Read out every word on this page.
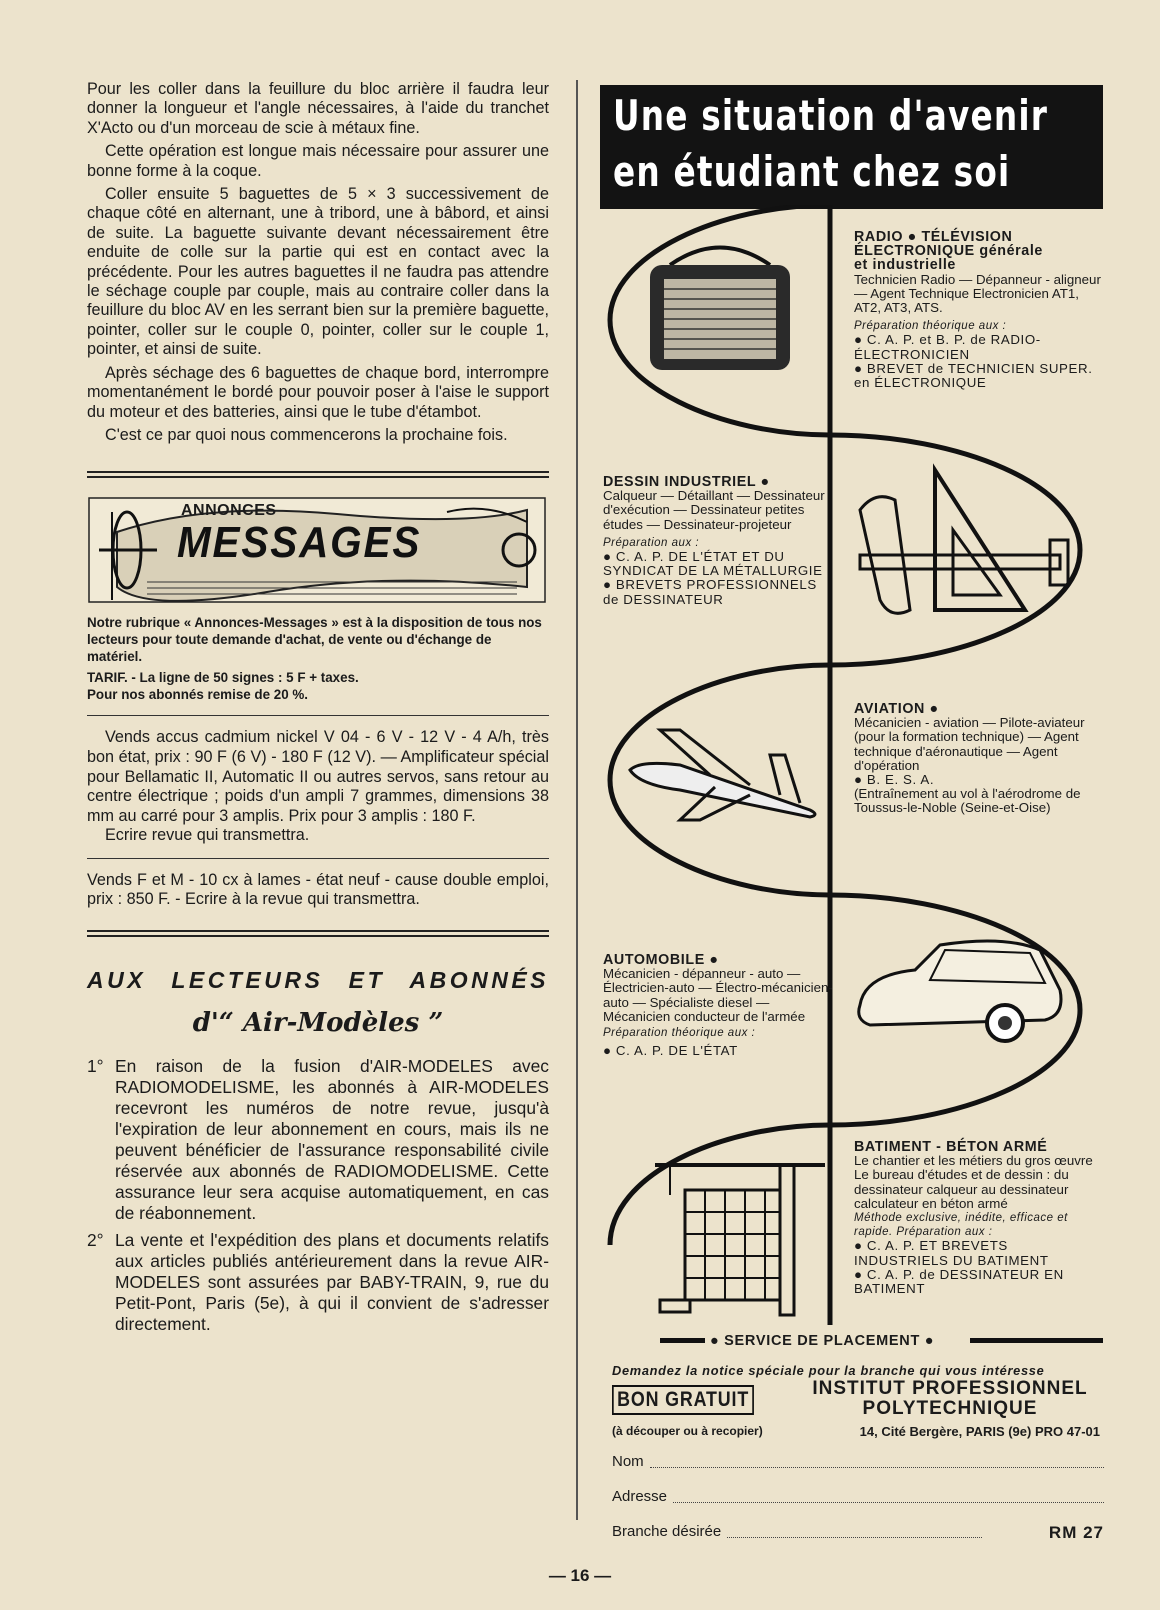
Pour les coller dans la feuillure du bloc arrière il faudra leur donner la longueur et l'angle nécessaires, à l'aide du tranchet X'Acto ou d'un morceau de scie à métaux fine.

Cette opération est longue mais nécessaire pour assurer une bonne forme à la coque.

Coller ensuite 5 baguettes de 5 × 3 successivement de chaque côté en alternant, une à tribord, une à bâbord, et ainsi de suite. La baguette suivante devant nécessairement être enduite de colle sur la partie qui est en contact avec la précédente. Pour les autres baguettes il ne faudra pas attendre le séchage couple par couple, mais au contraire coller dans la feuillure du bloc AV en les serrant bien sur la première baguette, pointer, coller sur le couple 0, pointer, coller sur le couple 1, pointer, et ainsi de suite.

Après séchage des 6 baguettes de chaque bord, interrompre momentanément le bordé pour pouvoir poser à l'aise le support du moteur et des batteries, ainsi que le tube d'étambot.

C'est ce par quoi nous commencerons la prochaine fois.

ANNONCES
MESSAGES

Notre rubrique « Annonces-Messages » est à la disposition de tous nos lecteurs pour toute demande d'achat, de vente ou d'échange de matériel.

TARIF. - La ligne de 50 signes : 5 F + taxes.

Pour nos abonnés remise de 20 %.

Vends accus cadmium nickel V 04 - 6 V - 12 V - 4 A/h, très bon état, prix : 90 F (6 V) - 180 F (12 V). — Amplificateur spécial pour Bellamatic II, Automatic II ou autres servos, sans retour au centre électrique ; poids d'un ampli 7 grammes, dimensions 38 mm au carré pour 3 amplis. Prix pour 3 amplis : 180 F.

Ecrire revue qui transmettra.

Vends F et M - 10 cx à lames - état neuf - cause double emploi, prix : 850 F. - Ecrire à la revue qui transmettra.

AUX LECTEURS ET ABONNÉS
d'“ Air-Modèles ”
1° En raison de la fusion d'AIR-MODELES avec RADIOMODELISME, les abonnés à AIR-MODELES recevront les numéros de notre revue, jusqu'à l'expiration de leur abonnement en cours, mais ils ne peuvent bénéficier de l'assurance responsabilité civile réservée aux abonnés de RADIOMODELISME. Cette assurance leur sera acquise automatiquement, en cas de réabonnement.
2° La vente et l'expédition des plans et documents relatifs aux articles publiés antérieurement dans la revue AIR-MODELES sont assurées par BABY-TRAIN, 9, rue du Petit-Pont, Paris (5e), à qui il convient de s'adresser directement.
Une situation d'avenir
en étudiant chez soi
RADIO ● TÉLÉVISION
ÉLECTRONIQUE générale
et industrielle
Technicien Radio — Dépanneur - aligneur — Agent Technique Electronicien AT1, AT2, AT3, ATS.
Préparation théorique aux :
● C. A. P. et B. P. de RADIO-ÉLECTRONICIEN
● BREVET de TECHNICIEN SUPER. en ÉLECTRONIQUE
DESSIN INDUSTRIEL ●
Calqueur — Détaillant — Dessinateur d'exécution — Dessinateur petites études — Dessinateur-projeteur
Préparation aux :
● C. A. P. DE L'ÉTAT ET DU SYNDICAT DE LA MÉTALLURGIE
● BREVETS PROFESSIONNELS de DESSINATEUR
AVIATION ●
Mécanicien - aviation — Pilote-aviateur (pour la formation technique) — Agent technique d'aéronautique — Agent d'opération
● B. E. S. A.
(Entraînement au vol à l'aérodrome de Toussus-le-Noble (Seine-et-Oise)
AUTOMOBILE ●
Mécanicien - dépanneur - auto — Électricien-auto — Électro-mécanicien-auto — Spécialiste diesel — Mécanicien conducteur de l'armée
Préparation théorique aux :
● C. A. P. DE L'ÉTAT
BATIMENT - BÉTON ARMÉ
Le chantier et les métiers du gros œuvre Le bureau d'études et de dessin : du dessinateur calqueur au dessinateur calculateur en béton armé
Méthode exclusive, inédite, efficace et rapide. Préparation aux :
● C. A. P. ET BREVETS INDUSTRIELS DU BATIMENT
● C. A. P. de DESSINATEUR EN BATIMENT
● SERVICE DE PLACEMENT ●
Demandez la notice spéciale pour la branche qui vous intéresse
BON GRATUIT
(à découper ou à recopier)
INSTITUT PROFESSIONNEL
POLYTECHNIQUE
14, Cité Bergère, PARIS (9e) PRO 47-01
Nom
Adresse
Branche désirée	RM 27
— 16 —
